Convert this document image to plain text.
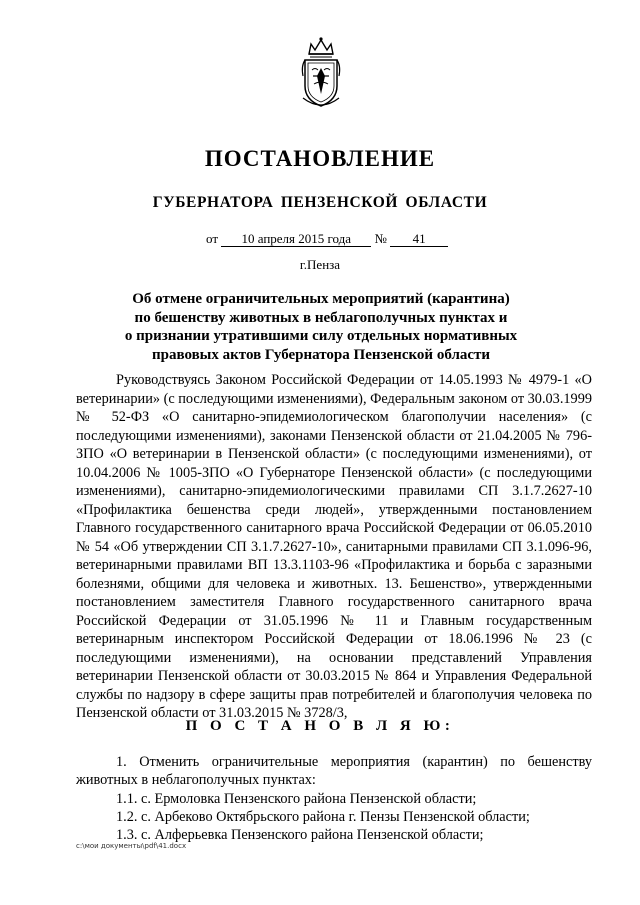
ПОСТАНОВЛЕНИЕ
ГУБЕРНАТОРА ПЕНЗЕНСКОЙ ОБЛАСТИ
от 10 апреля 2015 года № 41
г.Пенза
Об отмене ограничительных мероприятий (карантина)
по бешенству животных в неблагополучных пунктах и
о признании утратившими силу отдельных нормативных
правовых актов Губернатора Пензенской области

Руководствуясь Законом Российской Федерации от 14.05.1993 № 4979-1 «О ветеринарии» (с последующими изменениями), Федеральным законом от 30.03.1999 № 52-ФЗ «О санитарно-эпидемиологическом благополучии населения» (с последующими изменениями), законами Пензенской области от 21.04.2005 № 796-ЗПО «О ветеринарии в Пензенской области» (с последующими изменениями), от 10.04.2006 № 1005-ЗПО «О Губернаторе Пензенской области» (с последующими изменениями), санитарно-эпидемиологическими правилами СП 3.1.7.2627-10 «Профилактика бешенства среди людей», утвержденными постановлением Главного государственного санитарного врача Российской Федерации от 06.05.2010 № 54 «Об утверждении СП 3.1.7.2627-10», санитарными правилами СП 3.1.096-96, ветеринарными правилами ВП 13.3.1103-96 «Профилактика и борьба с заразными болезнями, общими для человека и животных. 13. Бешенство», утвержденными постановлением заместителя Главного государственного санитарного врача Российской Федерации от 31.05.1996 № 11 и Главным государственным ветеринарным инспектором Российской Федерации от 18.06.1996 № 23 (с последующими изменениями), на основании представлений Управления ветеринарии Пензенской области от 30.03.2015 № 864 и Управления Федеральной службы по надзору в сфере защиты прав потребителей и благополучия человека по Пензенской области от 31.03.2015 № 3728/3,

П О С Т А Н О В Л Я Ю:

1. Отменить ограничительные мероприятия (карантин) по бешенству животных в неблагополучных пунктах:

1.1. с. Ермоловка Пензенского района Пензенской области;

1.2. с. Арбеково Октябрьского района г. Пензы Пензенской области;

1.3. с. Алферьевка Пензенского района Пензенской области;

c:\мои документы\pdf\41.docx
